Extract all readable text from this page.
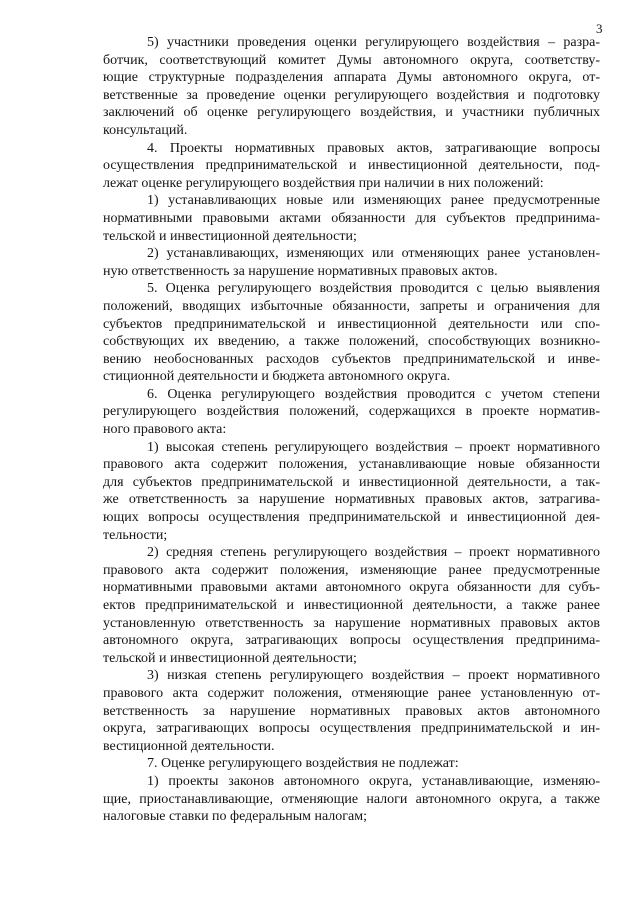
3
5) участники проведения оценки регулирующего воздействия – разра-
ботчик, соответствующий комитет Думы автономного округа, соответству-
ющие структурные подразделения аппарата Думы автономного округа, от-
ветственные за проведение оценки регулирующего воздействия и подготовку
заключений об оценке регулирующего воздействия, и участники публичных
консультаций.
4. Проекты нормативных правовых актов, затрагивающие вопросы
осуществления предпринимательской и инвестиционной деятельности, под-
лежат оценке регулирующего воздействия при наличии в них положений:
1) устанавливающих новые или изменяющих ранее предусмотренные
нормативными правовыми актами обязанности для субъектов предпринима-
тельской и инвестиционной деятельности;
2) устанавливающих, изменяющих или отменяющих ранее установлен-
ную ответственность за нарушение нормативных правовых актов.
5. Оценка регулирующего воздействия проводится с целью выявления
положений, вводящих избыточные обязанности, запреты и ограничения для
субъектов предпринимательской и инвестиционной деятельности или спо-
собствующих их введению, а также положений, способствующих возникно-
вению необоснованных расходов субъектов предпринимательской и инве-
стиционной деятельности и бюджета автономного округа.
6. Оценка регулирующего воздействия проводится с учетом степени
регулирующего воздействия положений, содержащихся в проекте норматив-
ного правового акта:
1) высокая степень регулирующего воздействия – проект нормативного
правового акта содержит положения, устанавливающие новые обязанности
для субъектов предпринимательской и инвестиционной деятельности, а так-
же ответственность за нарушение нормативных правовых актов, затрагива-
ющих вопросы осуществления предпринимательской и инвестиционной дея-
тельности;
2) средняя степень регулирующего воздействия – проект нормативного
правового акта содержит положения, изменяющие ранее предусмотренные
нормативными правовыми актами автономного округа обязанности для субъ-
ектов предпринимательской и инвестиционной деятельности, а также ранее
установленную ответственность за нарушение нормативных правовых актов
автономного округа, затрагивающих вопросы осуществления предпринима-
тельской и инвестиционной деятельности;
3) низкая степень регулирующего воздействия – проект нормативного
правового акта содержит положения, отменяющие ранее установленную от-
ветственность за нарушение нормативных правовых актов автономного
округа, затрагивающих вопросы осуществления предпринимательской и ин-
вестиционной деятельности.
7. Оценке регулирующего воздействия не подлежат:
1) проекты законов автономного округа, устанавливающие, изменяю-
щие, приостанавливающие, отменяющие налоги автономного округа, а также
налоговые ставки по федеральным налогам;
